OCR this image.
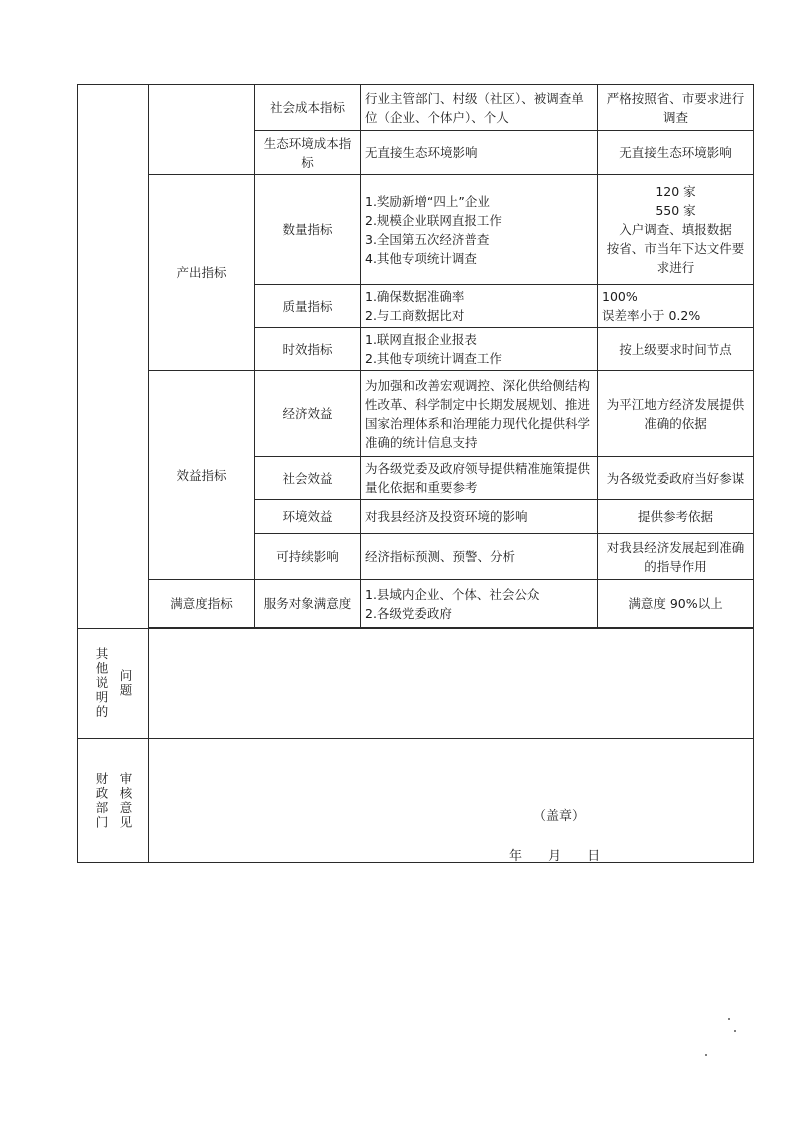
		社会成本指标	行业主管部门、村级（社区）、被调查单位（企业、个体户）、个人	严格按照省、市要求进行调查
		生态环境成本指标	无直接生态环境影响	无直接生态环境影响
	产出指标	数量指标	1.奖励新增“四上”企业
2.规模企业联网直报工作
3.全国第五次经济普查
4.其他专项统计调查	120 家
550 家
入户调查、填报数据
按省、市当年下达文件要求进行

		质量指标	1.确保数据准确率
2.与工商数据比对	100%
误差率小于 0.2%

		时效指标	1.联网直报企业报表
2.其他专项统计调查工作	按上级要求时间节点
	效益指标	经济效益	为加强和改善宏观调控、深化供给侧结构性改革、科学制定中长期发展规划、推进国家治理体系和治理能力现代化提供科学准确的统计信息支持	为平江地方经济发展提供准确的依据
		社会效益	为各级党委及政府领导提供精准施策提供量化依据和重要参考	为各级党委政府当好参谋
		环境效益	对我县经济及投资环境的影响	提供参考依据
		可持续影响	经济指标预测、预警、分析	对我县经济发展起到准确的指导作用
	满意度指标	服务对象满意度	1.县域内企业、个体、社会公众
2.各级党委政府	满意度 90%以上

其他说明的 问题				

财政部门 审核意见				
		（盖章）
年 月 日
